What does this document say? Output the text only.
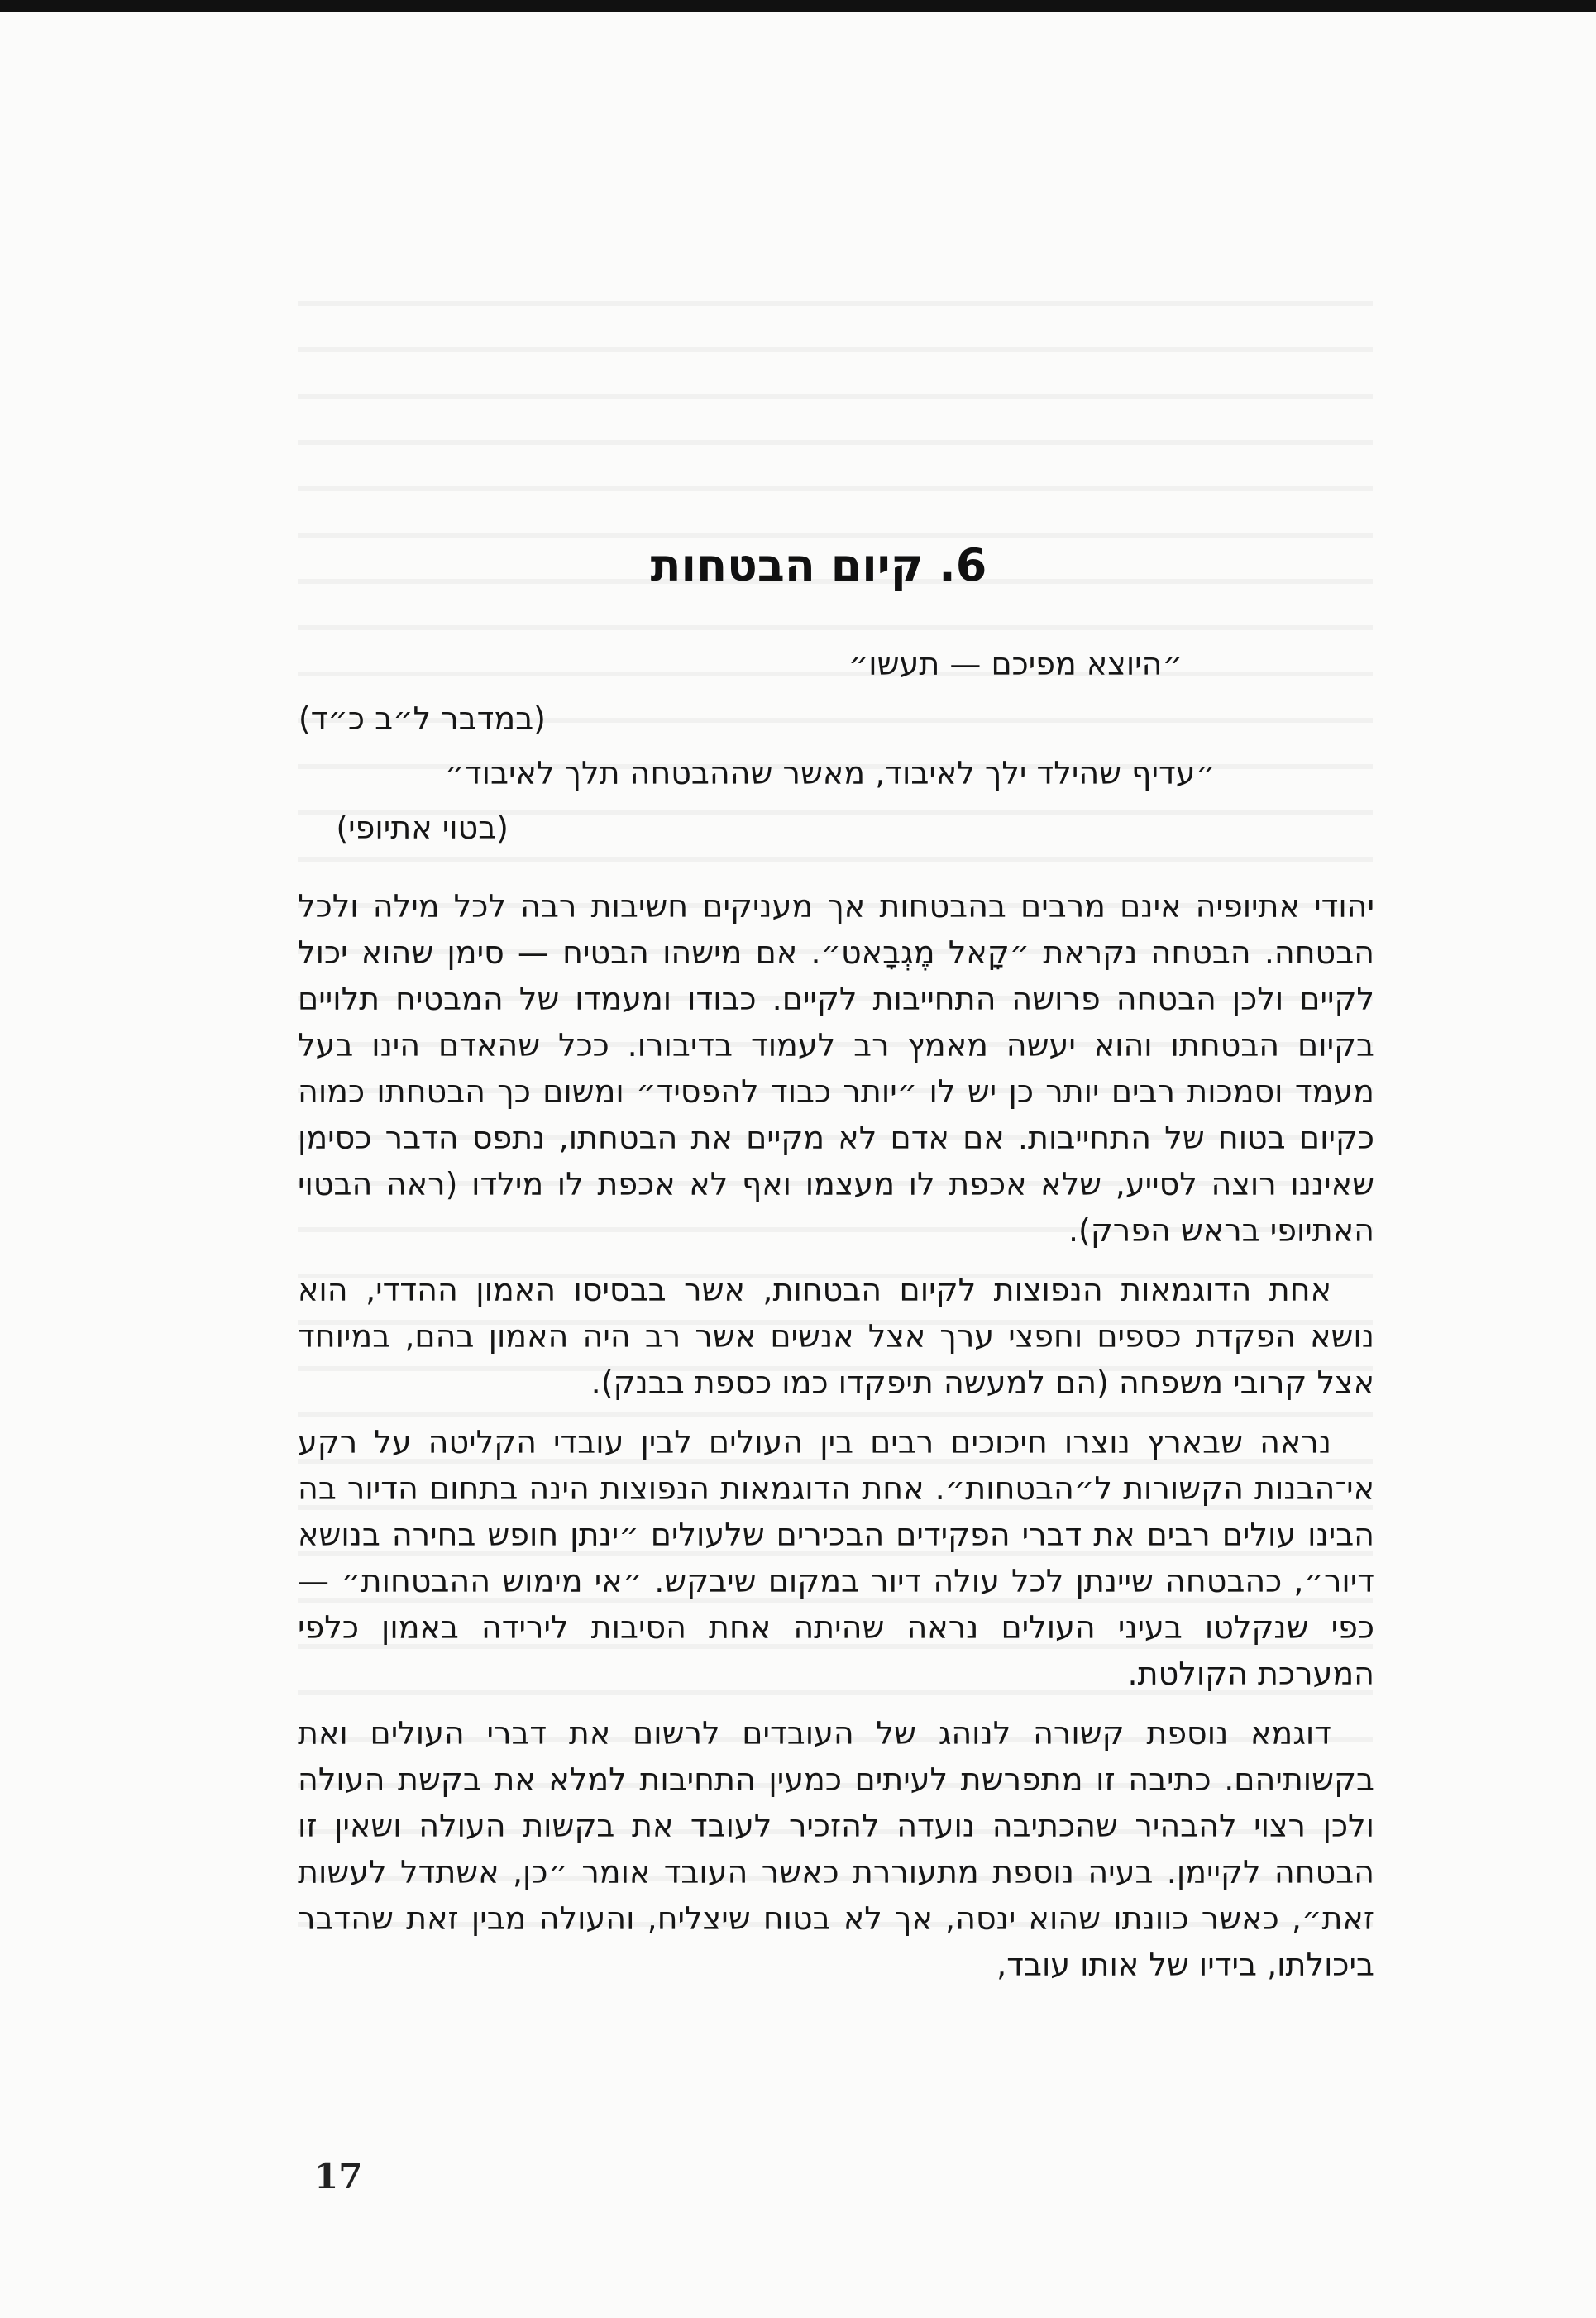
6. קיום הבטחות
״היוצא מפיכם — תעשו״
(במדבר ל״ב כ״ד)
״עדיף שהילד ילך לאיבוד, מאשר שההבטחה תלך לאיבוד״
(בטוי אתיופי)

יהודי אתיופיה אינם מרבים בהבטחות אך מעניקים חשיבות רבה לכל מילה ולכל הבטחה. הבטחה נקראת ״קָאל מֶגְבָאט״. אם מישהו הבטיח — סימן שהוא יכול לקיים ולכן הבטחה פרושה התחייבות לקיים. כבודו ומעמדו של המבטיח תלויים בקיום הבטחתו והוא יעשה מאמץ רב לעמוד בדיבורו. ככל שהאדם הינו בעל מעמד וסמכות רבים יותר כן יש לו ״יותר כבוד להפסיד״ ומשום כך הבטחתו כמוה כקיום בטוח של התחייבות. אם אדם לא מקיים את הבטחתו, נתפס הדבר כסימן שאיננו רוצה לסייע, שלא אכפת לו מעצמו ואף לא אכפת לו מילדו (ראה הבטוי האתיופי בראש הפרק).

אחת הדוגמאות הנפוצות לקיום הבטחות, אשר בבסיסו האמון ההדדי, הוא נושא הפקדת כספים וחפצי ערך אצל אנשים אשר רב היה האמון בהם, במיוחד אצל קרובי משפחה (הם למעשה תיפקדו כמו כספת בבנק).

נראה שבארץ נוצרו חיכוכים רבים בין העולים לבין עובדי הקליטה על רקע אי־הבנות הקשורות ל״הבטחות״. אחת הדוגמאות הנפוצות הינה בתחום הדיור בה הבינו עולים רבים את דברי הפקידים הבכירים שלעולים ״ינתן חופש בחירה בנושא דיור״, כהבטחה שיינתן לכל עולה דיור במקום שיבקש. ״אי מימוש ההבטחות״ — כפי שנקלטו בעיני העולים נראה שהיתה אחת הסיבות לירידה באמון כלפי המערכת הקולטת.

דוגמא נוספת קשורה לנוהג של העובדים לרשום את דברי העולים ואת בקשותיהם. כתיבה זו מתפרשת לעיתים כמעין התחיבות למלא את בקשת העולה ולכן רצוי להבהיר שהכתיבה נועדה להזכיר לעובד את בקשות העולה ושאין זו הבטחה לקיימן. בעיה נוספת מתעוררת כאשר העובד אומר ״כן, אשתדל לעשות זאת״, כאשר כוונתו שהוא ינסה, אך לא בטוח שיצליח, והעולה מבין זאת שהדבר ביכולתו, בידיו של אותו עובד,

17
